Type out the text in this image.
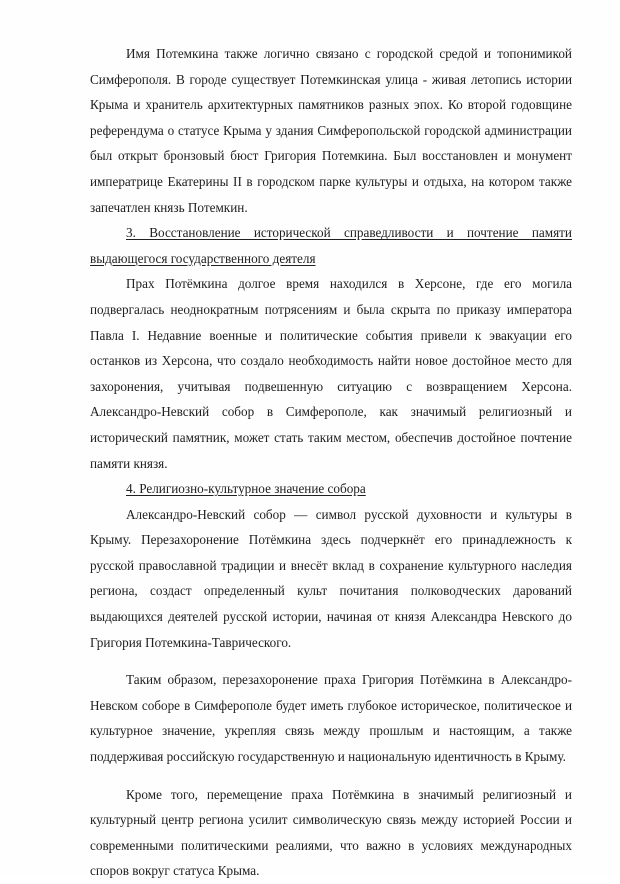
Имя Потемкина также логично связано с городской средой и топонимикой Симферополя. В городе существует Потемкинская улица - живая летопись истории Крыма и хранитель архитектурных памятников разных эпох. Ко второй годовщине референдума о статусе Крыма у здания Симферопольской городской администрации был открыт бронзовый бюст Григория Потемкина. Был восстановлен и монумент императрице Екатерины II в городском парке культуры и отдыха, на котором также запечатлен князь Потемкин.

3. Восстановление исторической справедливости и почтение памяти выдающегося государственного деятеля

Прах Потёмкина долгое время находился в Херсоне, где его могила подвергалась неоднократным потрясениям и была скрыта по приказу императора Павла I. Недавние военные и политические события привели к эвакуации его останков из Херсона, что создало необходимость найти новое достойное место для захоронения, учитывая подвешенную ситуацию с возвращением Херсона. Александро-Невский собор в Симферополе, как значимый религиозный и исторический памятник, может стать таким местом, обеспечив достойное почтение памяти князя.

4. Религиозно-культурное значение собора

Александро-Невский собор — символ русской духовности и культуры в Крыму. Перезахоронение Потёмкина здесь подчеркнёт его принадлежность к русской православной традиции и внесёт вклад в сохранение культурного наследия региона, создаст определенный культ почитания полководческих дарований выдающихся деятелей русской истории, начиная от князя Александра Невского до Григория Потемкина-Таврического.

Таким образом, перезахоронение праха Григория Потёмкина в Александро-Невском соборе в Симферополе будет иметь глубокое историческое, политическое и культурное значение, укрепляя связь между прошлым и настоящим, а также поддерживая российскую государственную и национальную идентичность в Крыму.

Кроме того, перемещение праха Потёмкина в значимый религиозный и культурный центр региона усилит символическую связь между историей России и современными политическими реалиями, что важно в условиях международных споров вокруг статуса Крыма.
